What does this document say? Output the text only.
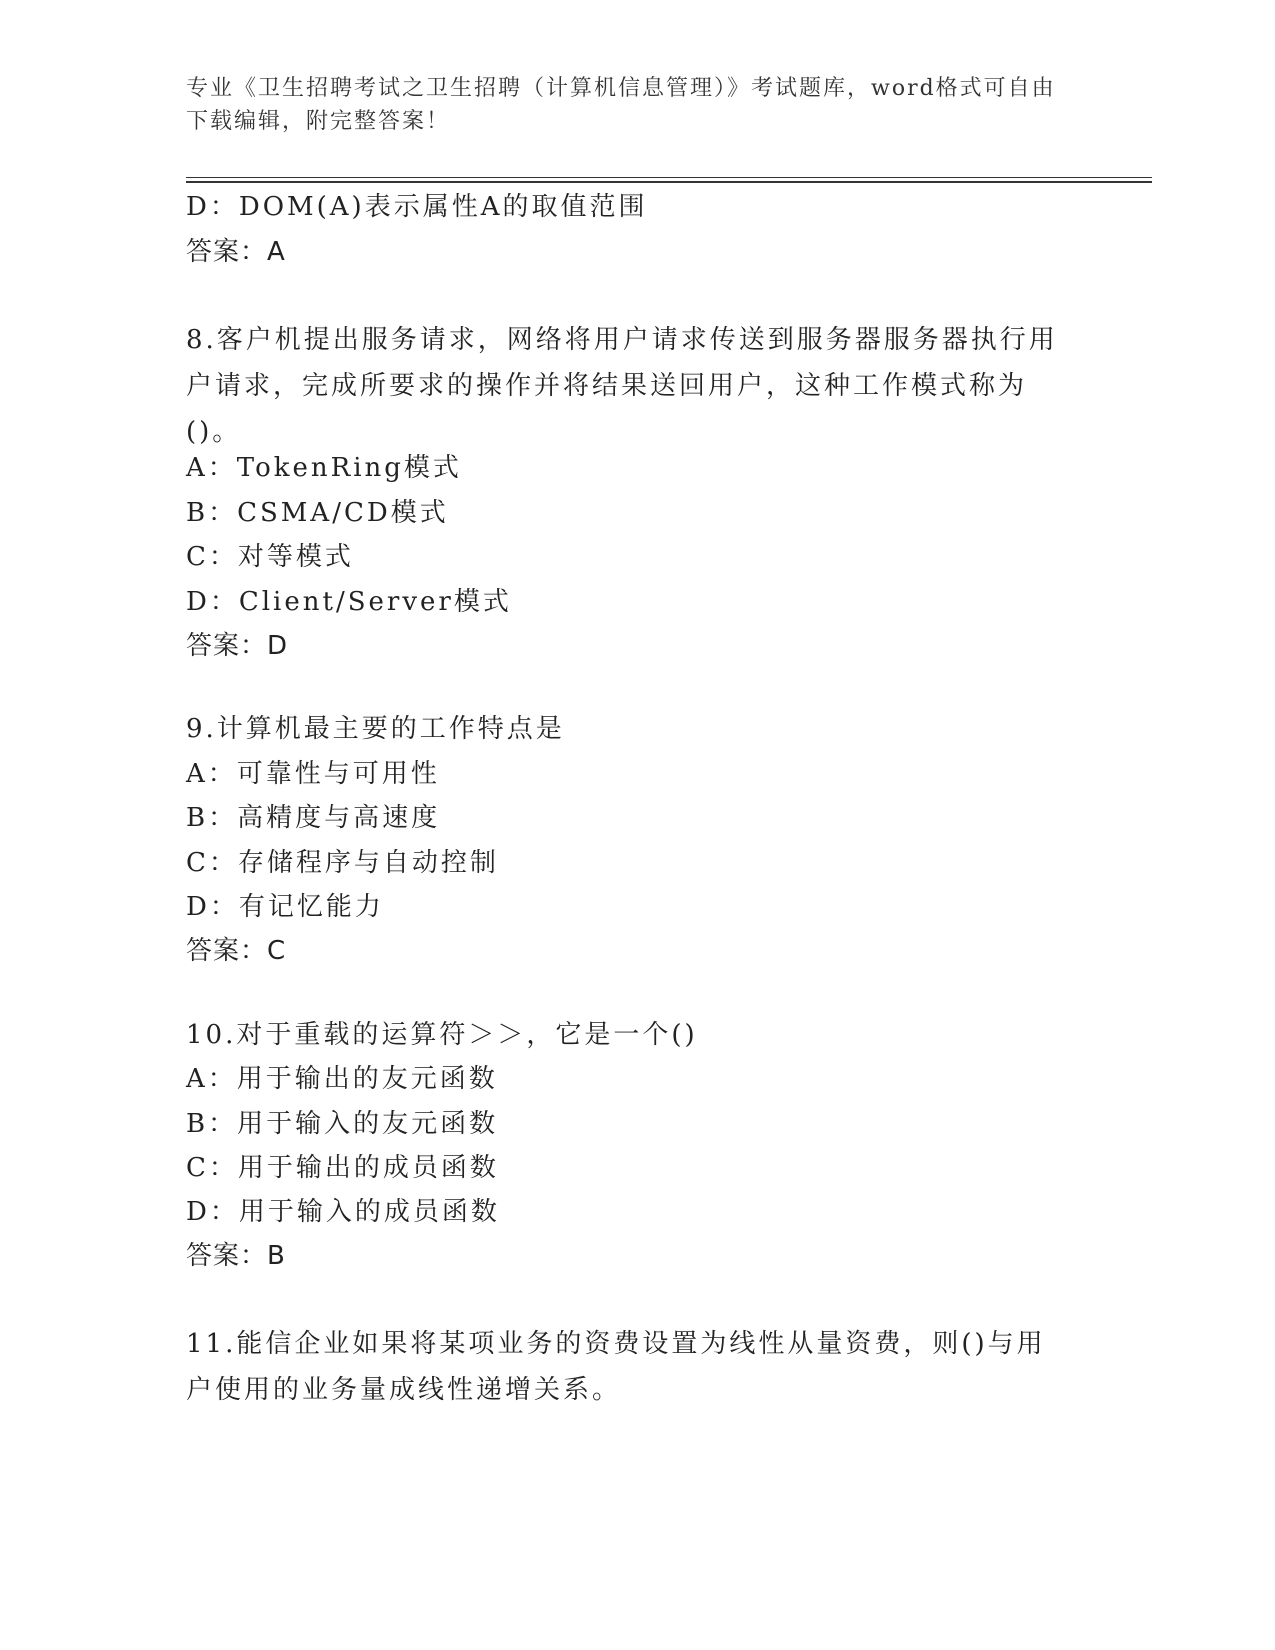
专业《卫生招聘考试之卫生招聘（计算机信息管理）》考试题库，word格式可自由下载编辑，附完整答案！
D：DOM(A)表示属性A的取值范围
答案：A
8.客户机提出服务请求，网络将用户请求传送到服务器服务器执行用户请求，完成所要求的操作并将结果送回用户，这种工作模式称为()。
A：TokenRing模式
B：CSMA/CD模式
C：对等模式
D：Client/Server模式
答案：D
9.计算机最主要的工作特点是
A：可靠性与可用性
B：高精度与高速度
C：存储程序与自动控制
D：有记忆能力
答案：C
10.对于重载的运算符＞＞，它是一个()
A：用于输出的友元函数
B：用于输入的友元函数
C：用于输出的成员函数
D：用于输入的成员函数
答案：B
11.能信企业如果将某项业务的资费设置为线性从量资费，则()与用户使用的业务量成线性递增关系。
